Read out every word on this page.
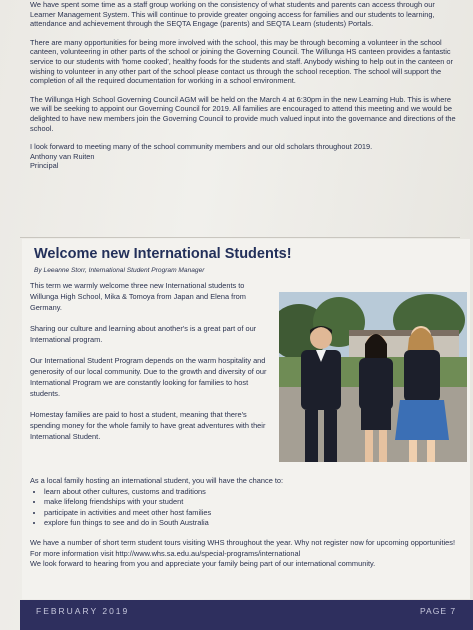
We have spent some time as a staff group working on the consistency of what students and parents can access through our Learner Management System. This will continue to provide greater ongoing access for families and our students to learning, attendance and achievement through the SEQTA Engage (parents) and SEQTA Learn (students) Portals.

There are many opportunities for being more involved with the school, this may be through becoming a volunteer in the school canteen, volunteering in other parts of the school or joining the Governing Council. The Willunga HS canteen provides a fantastic service to our students with 'home cooked', healthy foods for the students and staff. Anybody wishing to help out in the canteen or wishing to volunteer in any other part of the school please contact us through the school reception. The school will support the completion of all the required documentation for working in a school environment.

The Willunga High School Governing Council AGM will be held on the March 4 at 6:30pm in the new Learning Hub. This is where we will be seeking to appoint our Governing Council for 2019. All families are encouraged to attend this meeting and we would be delighted to have new members join the Governing Council to provide much valued input into the governance and directions of the school.

I look forward to meeting many of the school community members and our old scholars throughout 2019.

Anthony van Ruiten

Principal

Welcome new International Students!
By Leeanne Storr, International Student Program Manager

This term we warmly welcome three new International students to Willunga High School, Mika & Tomoya from Japan and Elena from Germany.

Sharing our culture and learning about another's is a great part of our International program.

Our International Student Program depends on the warm hospitality and generosity of our local community. Due to the growth and diversity of our International Program we are constantly looking for families to host students.

Homestay families are paid to host a student, meaning that there's spending money for the whole family to have great adventures with their International Student.

As a local family hosting an international student, you will have the chance to:

• learn about other cultures, customs and traditions
• make lifelong friendships with your student
• participate in activities and meet other host families
• explore fun things to see and do in South Australia

We have a number of short term student tours visiting WHS throughout the year. Why not register now for upcoming opportunities! For more information visit http://www.whs.sa.edu.au/special-programs/international

We look forward to hearing from you and appreciate your family being part of our international community.

FEBRUARY 2019	PAGE 7
